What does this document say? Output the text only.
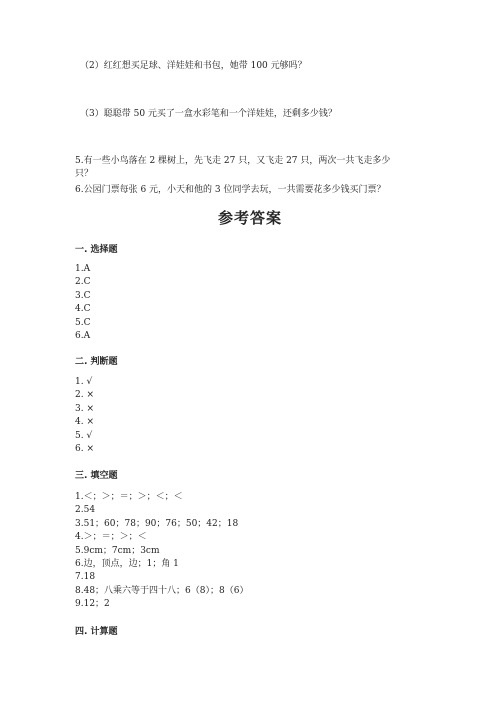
（2）红红想买足球、洋娃娃和书包，她带 100 元够吗？
（3）聪聪带 50 元买了一盒水彩笔和一个洋娃娃，还剩多少钱？
5.有一些小鸟落在 2 棵树上，先飞走 27 只，又飞走 27 只，两次一共飞走多少
只？
6.公园门票每张 6 元，小天和他的 3 位同学去玩，一共需要花多少钱买门票？
参考答案
一. 选择题
1.A
2.C
3.C
4.C
5.C
6.A
二. 判断题
1. √
2. ×
3. ×
4. ×
5. √
6. ×
三. 填空题
1.＜；＞；＝；＞；＜；＜
2.54
3.51；60；78；90；76；50；42；18
4.＞；＝；＞；＜
5.9cm；7cm；3cm
6.边，顶点，边；1；角 1
7.18
8.48；八乘六等于四十八；6（8）；8（6）
9.12；2
四. 计算题
